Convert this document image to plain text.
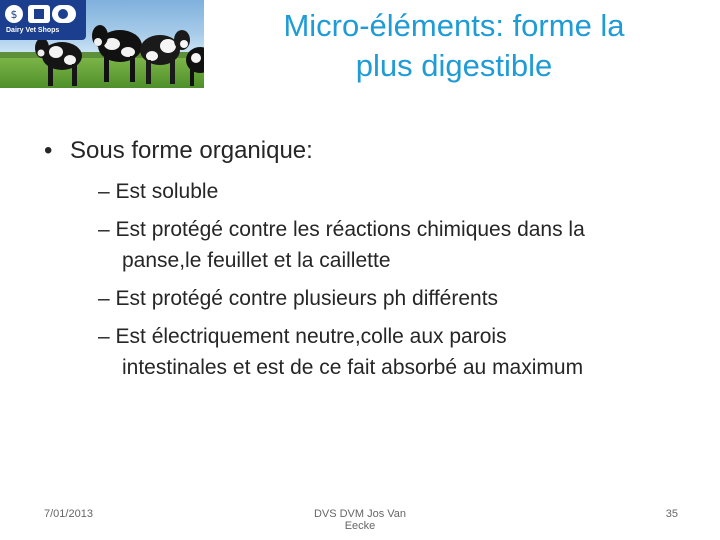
$
Dairy Vet Shops	Micro-éléments: forme la
plus digestible
• Sous forme organique:
– Est soluble
– Est protégé contre les réactions chimiques dans la
panse,le feuillet et la caillette
– Est protégé contre plusieurs ph différents
– Est électriquement neutre,colle aux parois
intestinales et est de ce fait absorbé au maximum
7/01/2013	DVS DVM Jos Van Eecke
35
